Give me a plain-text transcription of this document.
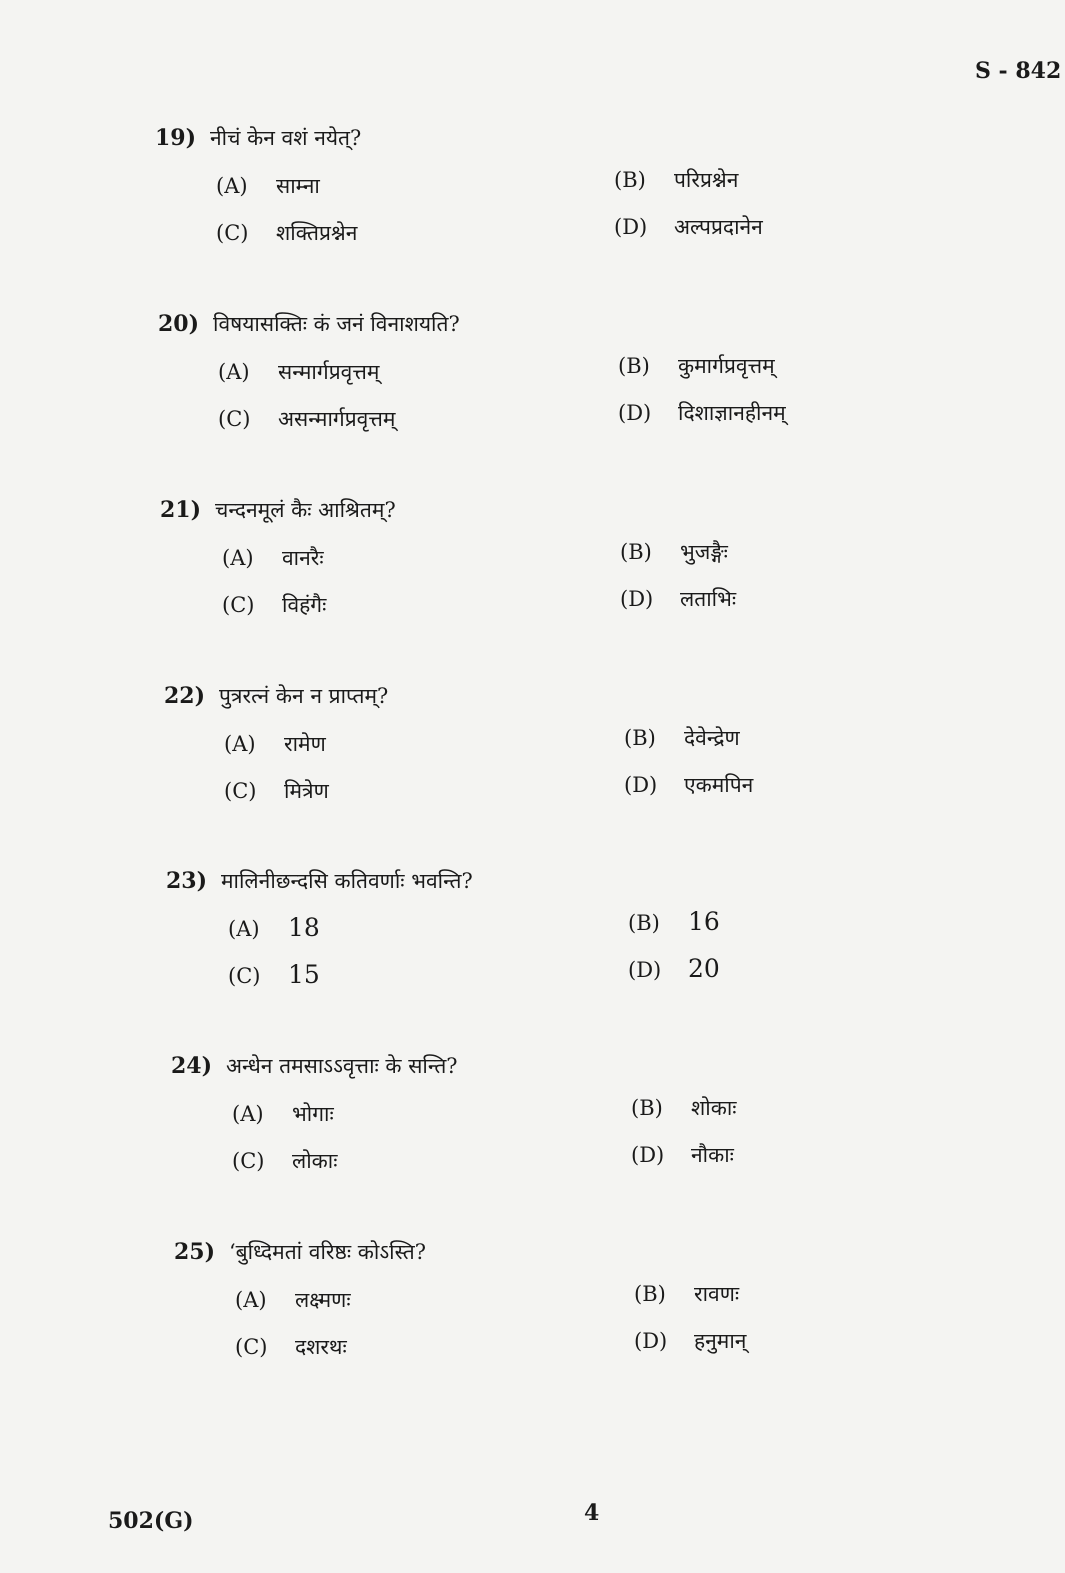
S - 842
19) नीचं केन वशं नयेत्?
(A)	साम्ना	(B)	परिप्रश्नेन
(C)	शक्तिप्रश्नेन	(D)	अल्पप्रदानेन
20) विषयासक्तिः कं जनं विनाशयति?
(A)	सन्मार्गप्रवृत्तम्	(B)	कुमार्गप्रवृत्तम्
(C)	असन्मार्गप्रवृत्तम्	(D)	दिशाज्ञानहीनम्
21) चन्दनमूलं कैः आश्रितम्?
(A)	वानरैः	(B)	भुजङ्गैः
(C)	विहंगैः	(D)	लताभिः
22) पुत्ररत्नं केन न प्राप्तम्?
(A)	रामेण	(B)	देवेन्द्रेण
(C)	मित्रेण	(D)	एकमपिन
23) मालिनीछन्दसि कतिवर्णाः भवन्ति?
(A)	18	(B)	16
(C)	15	(D)	20
24) अन्धेन तमसाऽऽवृत्ताः के सन्ति?
(A)	भोगाः	(B)	शोकाः
(C)	लोकाः	(D)	नौकाः
25) ‘बुध्दिमतां वरिष्ठः कोऽस्ति?
(A)	लक्ष्मणः	(B)	रावणः
(C)	दशरथः	(D)	हनुमान्
502(G)	4
